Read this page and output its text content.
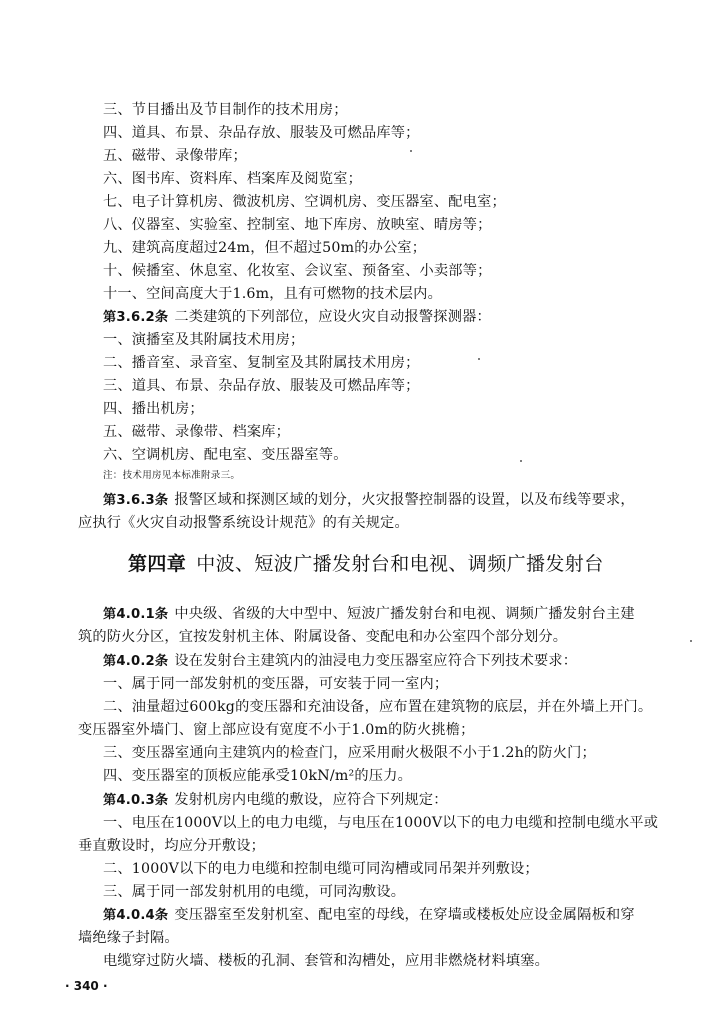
三、节目播出及节目制作的技术用房；
四、道具、布景、杂品存放、服装及可燃品库等；
五、磁带、录像带库；
六、图书库、资料库、档案库及阅览室；
七、电子计算机房、微波机房、空调机房、变压器室、配电室；
八、仪器室、实验室、控制室、地下库房、放映室、晴房等；
九、建筑高度超过24m，但不超过50m的办公室；
十、候播室、休息室、化妆室、会议室、预备室、小卖部等；
十一、空间高度大于1.6m，且有可燃物的技术层内。
第3.6.2条 二类建筑的下列部位，应设火灾自动报警探测器：
一、演播室及其附属技术用房；
二、播音室、录音室、复制室及其附属技术用房；
三、道具、布景、杂品存放、服装及可燃品库等；
四、播出机房；
五、磁带、录像带、档案库；
六、空调机房、配电室、变压器室等。
注：技术用房见本标准附录三。
第3.6.3条 报警区域和探测区域的划分，火灾报警控制器的设置，以及布线等要求，
应执行《火灾自动报警系统设计规范》的有关规定。
第四章 中波、短波广播发射台和电视、调频广播发射台
第4.0.1条 中央级、省级的大中型中、短波广播发射台和电视、调频广播发射台主建
筑的防火分区，宜按发射机主体、附属设备、变配电和办公室四个部分划分。
第4.0.2条 设在发射台主建筑内的油浸电力变压器室应符合下列技术要求：
一、属于同一部发射机的变压器，可安装于同一室内；
二、油量超过600kg的变压器和充油设备，应布置在建筑物的底层，并在外墙上开门。
变压器室外墙门、窗上部应设有宽度不小于1.0m的防火挑檐；
三、变压器室通向主建筑内的检查门，应采用耐火极限不小于1.2h的防火门；
四、变压器室的顶板应能承受10kN/m²的压力。
第4.0.3条 发射机房内电缆的敷设，应符合下列规定：
一、电压在1000V以上的电力电缆，与电压在1000V以下的电力电缆和控制电缆水平或
垂直敷设时，均应分开敷设；
二、1000V以下的电力电缆和控制电缆可同沟槽或同吊架并列敷设；
三、属于同一部发射机用的电缆，可同沟敷设。
第4.0.4条 变压器室至发射机室、配电室的母线，在穿墙或楼板处应设金属隔板和穿
墙绝缘子封隔。
电缆穿过防火墙、楼板的孔洞、套管和沟槽处，应用非燃烧材料填塞。
· 340 ·
